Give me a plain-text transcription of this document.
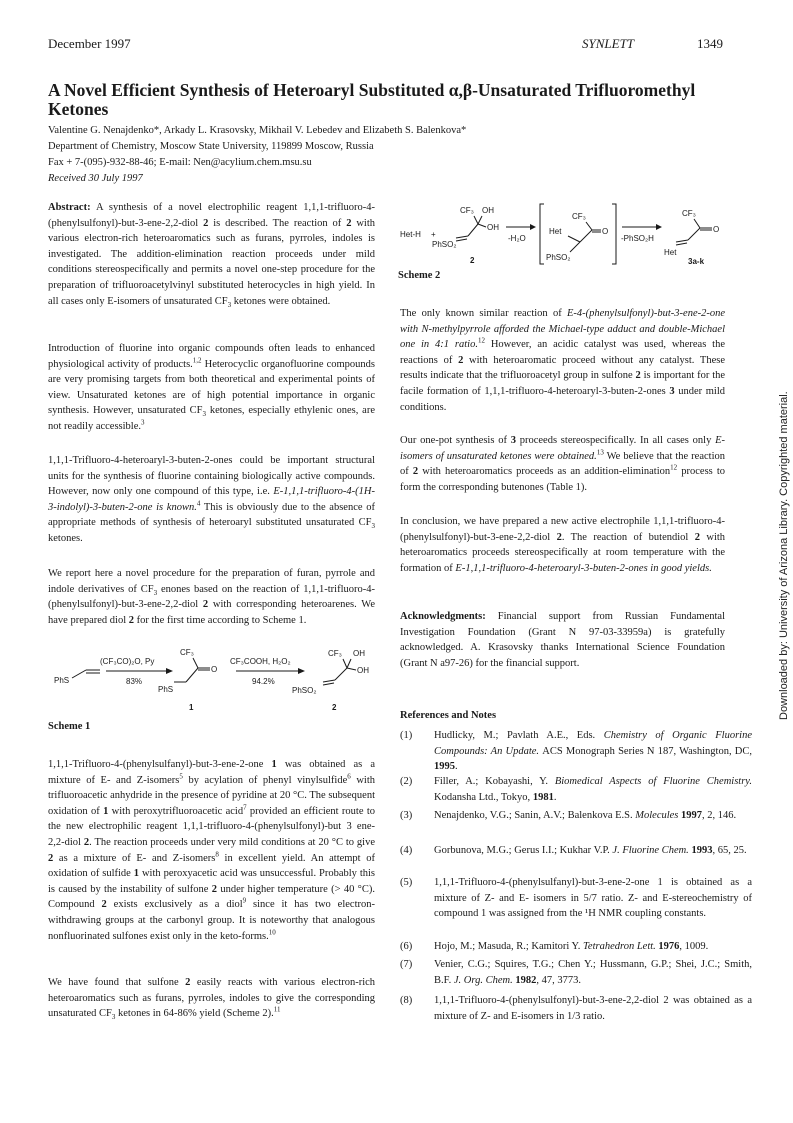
December 1997	SYNLETT	1349
A Novel Efficient Synthesis of Heteroaryl Substituted α,β-Unsaturated Trifluoromethyl Ketones
Valentine G. Nenajdenko*, Arkady L. Krasovsky, Mikhail V. Lebedev and Elizabeth S. Balenkova*
Department of Chemistry, Moscow State University, 119899 Moscow, Russia
Fax + 7-(095)-932-88-46; E-mail: Nen@acylium.chem.msu.su
Received 30 July 1997
Abstract: A synthesis of a novel electrophilic reagent 1,1,1-trifluoro-4-(phenylsulfonyl)-but-3-ene-2,2-diol 2 is described. The reaction of 2 with various electron-rich heteroaromatics such as furans, pyrroles, indoles is investigated. The addition-elimination reaction proceeds under mild conditions stereospecifically and permits a novel one-step procedure for the preparation of trifluoroacetylvinyl substituted heterocycles in high yield. In all cases only E-isomers of unsaturated $CF_3$ ketones were obtained.
Introduction of fluorine into organic compounds often leads to enhanced physiological activity of products.$^{1,2}$ Heterocyclic organofluorine compounds are very promising targets from both theoretical and experimental points of view. Unsaturated ketones are of high potential importance in organic synthesis. However, unsaturated $CF_3$ ketones, especially ethylenic ones, are not readily accessible.$^3$
1,1,1-Trifluoro-4-heteroaryl-3-buten-2-ones could be important structural units for the synthesis of fluorine containing biologically active compounds. However, now only one compound of this type, i.e. E-1,1,1-trifluoro-4-(1H-3-indolyl)-3-buten-2-one is known.$^4$ This is obviously due to the absence of appropriate methods of synthesis of heteroaryl substituted unsaturated $CF_3$ ketones.
We report here a novel procedure for the preparation of furan, pyrrole and indole derivatives of $CF_3$ enones based on the reaction of 1,1,1-trifluoro-4-(phenylsulfonyl)-but-3-ene-2,2-diol 2 with corresponding heteroarenes. We have prepared diol 2 for the first time according to Scheme 1.
PhS
(CF₃CO)₂O, Py
83%
CF₃
O
PhS
1
CF₃COOH, H₂O₂
94.2%
CF₃ OH
OH
PhSO₂
2
Scheme 1
1,1,1-Trifluoro-4-(phenylsulfanyl)-but-3-ene-2-one 1 was obtained as a mixture of E- and Z-isomers$^5$ by acylation of phenyl vinylsulfide$^6$ with trifluoroacetic anhydride in the presence of pyridine at 20 °C. The subsequent oxidation of 1 with peroxytrifluoroacetic acid$^7$ provided an efficient route to the new electrophilic reagent 1,1,1-trifluoro-4-(phenylsulfonyl)-but 3 ene-2,2-diol 2. The reaction proceeds under very mild conditions at 20 °C to give 2 as a mixture of E- and Z-isomers$^8$ in excellent yield. An attempt of oxidation of sulfide 1 with peroxyacetic acid was unsuccessful. Probably this is caused by the instability of sulfone 2 under higher temperature (> 40 °C). Compound 2 exists exclusively as a diol$^9$ since it has two electron-withdrawing groups at the carbonyl group. It is noteworthy that analogous nonfluorinated sulfones exist only in the keto-forms.$^{10}$
We have found that sulfone 2 easily reacts with various electron-rich heteroaromatics such as furans, pyrroles, indoles to give the corresponding unsaturated $CF_3$ ketones in 64-86% yield (Scheme 2).$^{11}$
Het-H +
CF₃ OH
OH
PhSO₂
2
-H₂O
CF₃
Het	O
PhSO₂
-PhSO₂H
CF₃
O
Het
3a-k
Scheme 2
The only known similar reaction of E-4-(phenylsulfonyl)-but-3-ene-2-one with N-methylpyrrole afforded the Michael-type adduct and double-Michael one in 4:1 ratio.$^{12}$ However, an acidic catalyst was used, whereas the reactions of 2 with heteroaromatic proceed without any catalyst. These results indicate that the trifluoroacetyl group in sulfone 2 is important for the facile formation of 1,1,1-trifluoro-4-heteroaryl-3-buten-2-ones 3 under mild conditions.
Our one-pot synthesis of 3 proceeds stereospecifically. In all cases only E-isomers of unsaturated ketones were obtained.$^{13}$ We believe that the reaction of 2 with heteroaromatics proceeds as an addition-elimination$^{12}$ process to form the corresponding butenones (Table 1).
In conclusion, we have prepared a new active electrophile 1,1,1-trifluoro-4-(phenylsulfonyl)-but-3-ene-2,2-diol 2. The reaction of butendiol 2 with heteroaromatics proceeds stereospecifically at room temperature with the formation of E-1,1,1-trifluoro-4-heteroaryl-3-buten-2-ones in good yields.
Acknowledgments: Financial support from Russian Fundamental Investigation Foundation (Grant N 97-03-33959a) is gratefully acknowledged. A. Krasovsky thanks International Science Foundation (Grant N a97-26) for the financial support.
References and Notes
(1)	Hudlicky, M.; Pavlath A.E., Eds. Chemistry of Organic Fluorine Compounds: An Update. ACS Monograph Series N 187, Washington, DC, 1995.
(2)	Filler, A.; Kobayashi, Y. Biomedical Aspects of Fluorine Chemistry. Kodansha Ltd., Tokyo, 1981.
(3)	Nenajdenko, V.G.; Sanin, A.V.; Balenkova E.S. Molecules 1997, 2, 146.
(4)	Gorbunova, M.G.; Gerus I.I.; Kukhar V.P. J. Fluorine Chem. 1993, 65, 25.
(5)	1,1,1-Trifluoro-4-(phenylsulfanyl)-but-3-ene-2-one 1 is obtained as a mixture of Z- and E- isomers in 5/7 ratio. Z- and E-stereochemistry of compound 1 was assigned from the ¹H NMR coupling constants.
(6)	Hojo, M.; Masuda, R.; Kamitori Y. Tetrahedron Lett. 1976, 1009.
(7)	Venier, C.G.; Squires, T.G.; Chen Y.; Hussmann, G.P.; Shei, J.C.; Smith, B.F. J. Org. Chem. 1982, 47, 3773.
(8)	1,1,1-Trifluoro-4-(phenylsulfonyl)-but-3-ene-2,2-diol 2 was obtained as a mixture of Z- and E-isomers in 1/3 ratio.
Downloaded by: University of Arizona Library. Copyrighted material.
